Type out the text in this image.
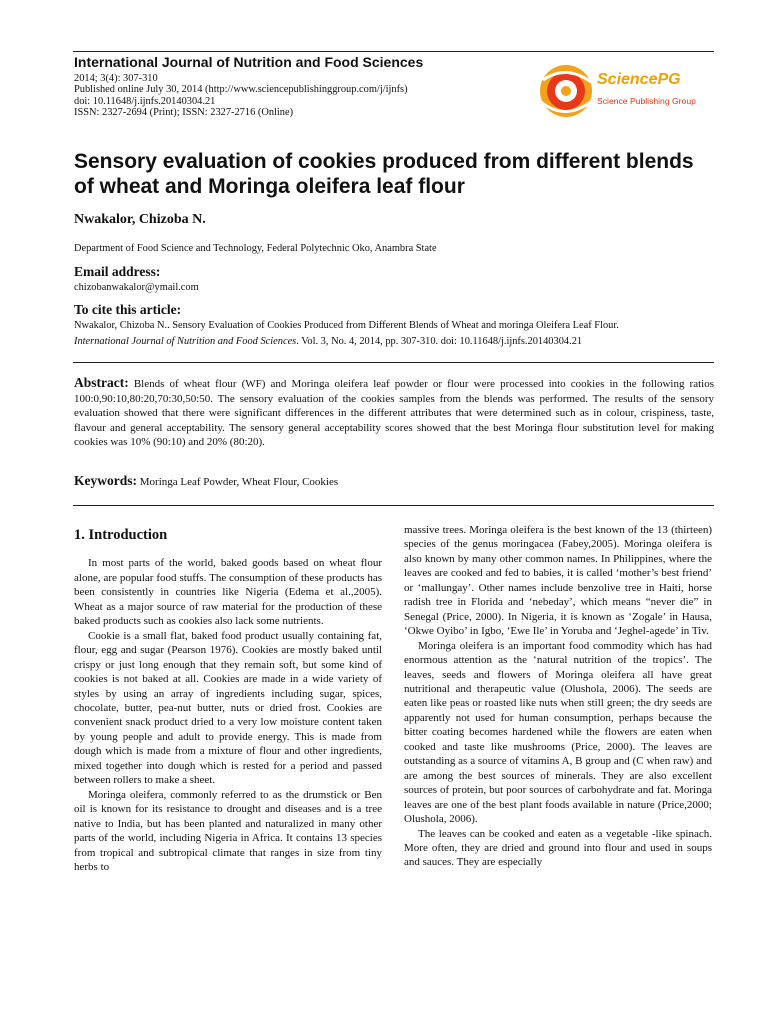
International Journal of Nutrition and Food Sciences
2014; 3(4): 307-310
Published online July 30, 2014 (http://www.sciencepublishinggroup.com/j/ijnfs)
doi: 10.11648/j.ijnfs.20140304.21
ISSN: 2327-2694 (Print); ISSN: 2327-2716 (Online)
SciencePG
Science Publishing Group
Sensory evaluation of cookies produced from different blends of wheat and Moringa oleifera leaf flour
Nwakalor, Chizoba N.
Department of Food Science and Technology, Federal Polytechnic Oko, Anambra State
Email address:
chizobanwakalor@ymail.com
To cite this article:
Nwakalor, Chizoba N.. Sensory Evaluation of Cookies Produced from Different Blends of Wheat and moringa Oleifera Leaf Flour.
International Journal of Nutrition and Food Sciences. Vol. 3, No. 4, 2014, pp. 307-310. doi: 10.11648/j.ijnfs.20140304.21
Abstract: Blends of wheat flour (WF) and Moringa oleifera leaf powder or flour were processed into cookies in the following ratios 100:0,90:10,80:20,70:30,50:50. The sensory evaluation of the cookies samples from the blends was performed. The results of the sensory evaluation showed that there were significant differences in the different attributes that were determined such as in colour, crispiness, taste, flavour and general acceptability. The sensory general acceptability scores showed that the best Moringa flour substitution level for making cookies was 10% (90:10) and 20% (80:20).
Keywords: Moringa Leaf Powder, Wheat Flour, Cookies
1. Introduction

In most parts of the world, baked goods based on wheat flour alone, are popular food stuffs. The consumption of these products has been consistently in countries like Nigeria (Edema et al.,2005). Wheat as a major source of raw material for the production of these baked products such as cookies also lack some nutrients.

Cookie is a small flat, baked food product usually containing fat, flour, egg and sugar (Pearson 1976). Cookies are mostly baked until crispy or just long enough that they remain soft, but some kind of cookies is not baked at all. Cookies are made in a wide variety of styles by using an array of ingredients including sugar, spices, chocolate, butter, pea-nut butter, nuts or dried frost. Cookies are convenient snack product dried to a very low moisture content taken by young people and adult to provide energy. This is made from dough which is made from a mixture of flour and other ingredients, mixed together into dough which is rested for a period and passed between rollers to make a sheet.

Moringa oleifera, commonly referred to as the drumstick or Ben oil is known for its resistance to drought and diseases and is a tree native to India, but has been planted and naturalized in many other parts of the world, including Nigeria in Africa. It contains 13 species from tropical and subtropical climate that ranges in size from tiny herbs to

massive trees. Moringa oleifera is the best known of the 13 (thirteen) species of the genus moringacea (Fabey,2005). Moringa oleifera is also known by many other common names. In Philippines, where the leaves are cooked and fed to babies, it is called ‘mother’s best friend’ or ‘mallungay’. Other names include benzolive tree in Haiti, horse radish tree in Florida and ‘nebeday’, which means “never die” in Senegal (Price, 2000). In Nigeria, it is known as ‘Zogale’ in Hausa, ‘Okwe Oyibo’ in Igbo, ‘Ewe Ile’ in Yoruba and ‘Jeghel-agede’ in Tiv.

Moringa oleifera is an important food commodity which has had enormous attention as the ‘natural nutrition of the tropics’. The leaves, seeds and flowers of Moringa oleifera all have great nutritional and therapeutic value (Olushola, 2006). The seeds are eaten like peas or roasted like nuts when still green; the dry seeds are apparently not used for human consumption, perhaps because the bitter coating becomes hardened while the flowers are eaten when cooked and taste like mushrooms (Price, 2000). The leaves are outstanding as a source of vitamins A, B group and (C when raw) and are among the best sources of minerals. They are also excellent sources of protein, but poor sources of carbohydrate and fat. Moringa leaves are one of the best plant foods available in nature (Price,2000; Olushola, 2006).

The leaves can be cooked and eaten as a vegetable -like spinach. More often, they are dried and ground into flour and used in soups and sauces. They are especially
